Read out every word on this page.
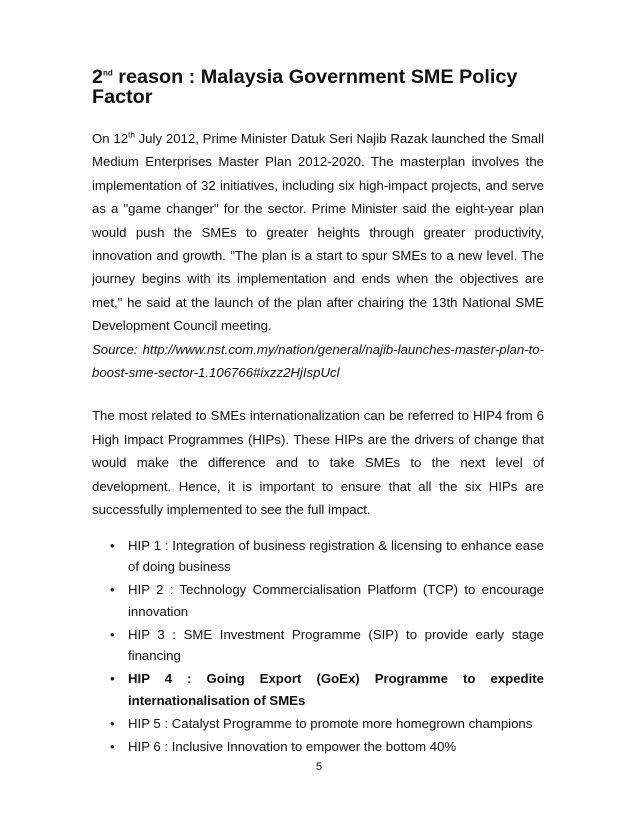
2nd reason : Malaysia Government SME Policy Factor

On 12th July 2012, Prime Minister Datuk Seri Najib Razak launched the Small Medium Enterprises Master Plan 2012-2020. The masterplan involves the implementation of 32 initiatives, including six high-impact projects, and serve as a "game changer" for the sector. Prime Minister said the eight-year plan would push the SMEs to greater heights through greater productivity, innovation and growth. "The plan is a start to spur SMEs to a new level. The journey begins with its implementation and ends when the objectives are met," he said at the launch of the plan after chairing the 13th National SME Development Council meeting.
Source: http://www.nst.com.my/nation/general/najib-launches-master-plan-to-boost-sme-sector-1.106766#ixzz2HjIspUcl

The most related to SMEs internationalization can be referred to HIP4 from 6 High Impact Programmes (HIPs). These HIPs are the drivers of change that would make the difference and to take SMEs to the next level of development. Hence, it is important to ensure that all the six HIPs are successfully implemented to see the full impact.

• HIP 1 : Integration of business registration & licensing to enhance ease of doing business
• HIP 2 : Technology Commercialisation Platform (TCP) to encourage innovation
• HIP 3 : SME Investment Programme (SIP) to provide early stage financing
• HIP 4 : Going Export (GoEx) Programme to expedite internationalisation of SMEs
• HIP 5 : Catalyst Programme to promote more homegrown champions
• HIP 6 : Inclusive Innovation to empower the bottom 40%
5
